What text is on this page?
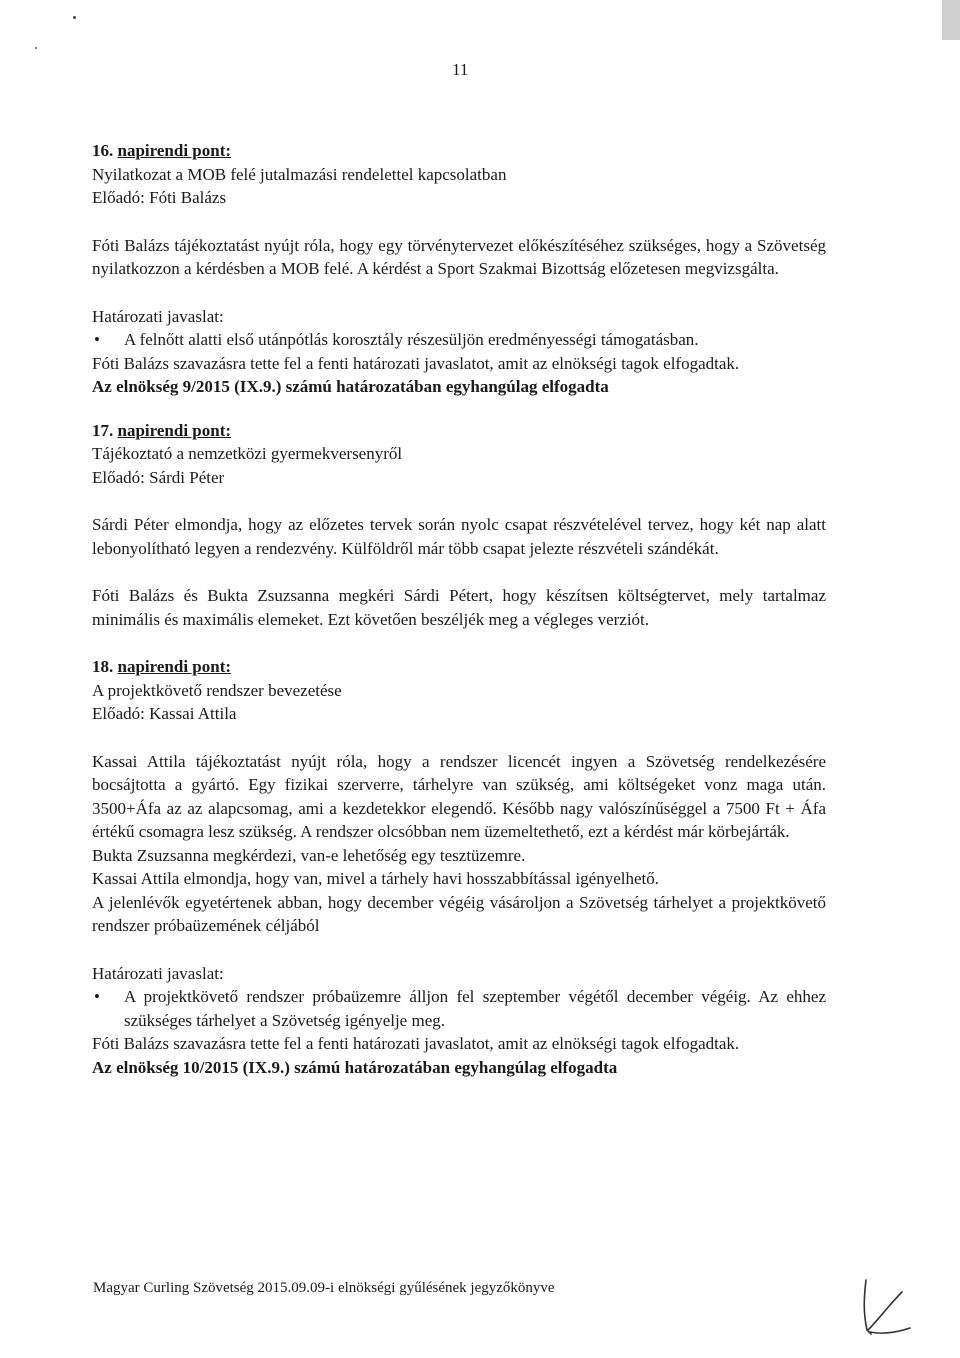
11

16. napirendi pont:

Nyilatkozat a MOB felé jutalmazási rendelettel kapcsolatban

Előadó: Fóti Balázs

Fóti Balázs tájékoztatást nyújt róla, hogy egy törvénytervezet előkészítéséhez szükséges, hogy a Szövetség nyilatkozzon a kérdésben a MOB felé. A kérdést a Sport Szakmai Bizottság előzetesen megvizsgálta.

Határozati javaslat:

•	A felnőtt alatti első utánpótlás korosztály részesüljön eredményességi támogatásban.

Fóti Balázs szavazásra tette fel a fenti határozati javaslatot, amit az elnökségi tagok elfogadtak.

Az elnökség 9/2015 (IX.9.) számú határozatában egyhangúlag elfogadta

17. napirendi pont:

Tájékoztató a nemzetközi gyermekversenyről

Előadó: Sárdi Péter

Sárdi Péter elmondja, hogy az előzetes tervek során nyolc csapat részvételével tervez, hogy két nap alatt lebonyolítható legyen a rendezvény. Külföldről már több csapat jelezte részvételi szándékát.

Fóti Balázs és Bukta Zsuzsanna megkéri Sárdi Pétert, hogy készítsen költségtervet, mely tartalmaz minimális és maximális elemeket. Ezt követően beszéljék meg a végleges verziót.

18. napirendi pont:

A projektkövető rendszer bevezetése

Előadó: Kassai Attila

Kassai Attila tájékoztatást nyújt róla, hogy a rendszer licencét ingyen a Szövetség rendelkezésére bocsájtotta a gyártó. Egy fizikai szerverre, tárhelyre van szükség, ami költségeket vonz maga után. 3500+Áfa az az alapcsomag, ami a kezdetekkor elegendő. Később nagy valószínűséggel a 7500 Ft + Áfa értékű csomagra lesz szükség. A rendszer olcsóbban nem üzemeltethető, ezt a kérdést már körbejárták.

Bukta Zsuzsanna megkérdezi, van-e lehetőség egy tesztüzemre.

Kassai Attila elmondja, hogy van, mivel a tárhely havi hosszabbítással igényelhető.

A jelenlévők egyetértenek abban, hogy december végéig vásároljon a Szövetség tárhelyet a projektkövető rendszer próbaüzemének céljából

Határozati javaslat:

•	A projektkövető rendszer próbaüzemre álljon fel szeptember végétől december végéig. Az ehhez szükséges tárhelyet a Szövetség igényelje meg.

Fóti Balázs szavazásra tette fel a fenti határozati javaslatot, amit az elnökségi tagok elfogadtak.

Az elnökség 10/2015 (IX.9.) számú határozatában egyhangúlag elfogadta

Magyar Curling Szövetség 2015.09.09-i elnökségi gyűlésének jegyzőkönyve
